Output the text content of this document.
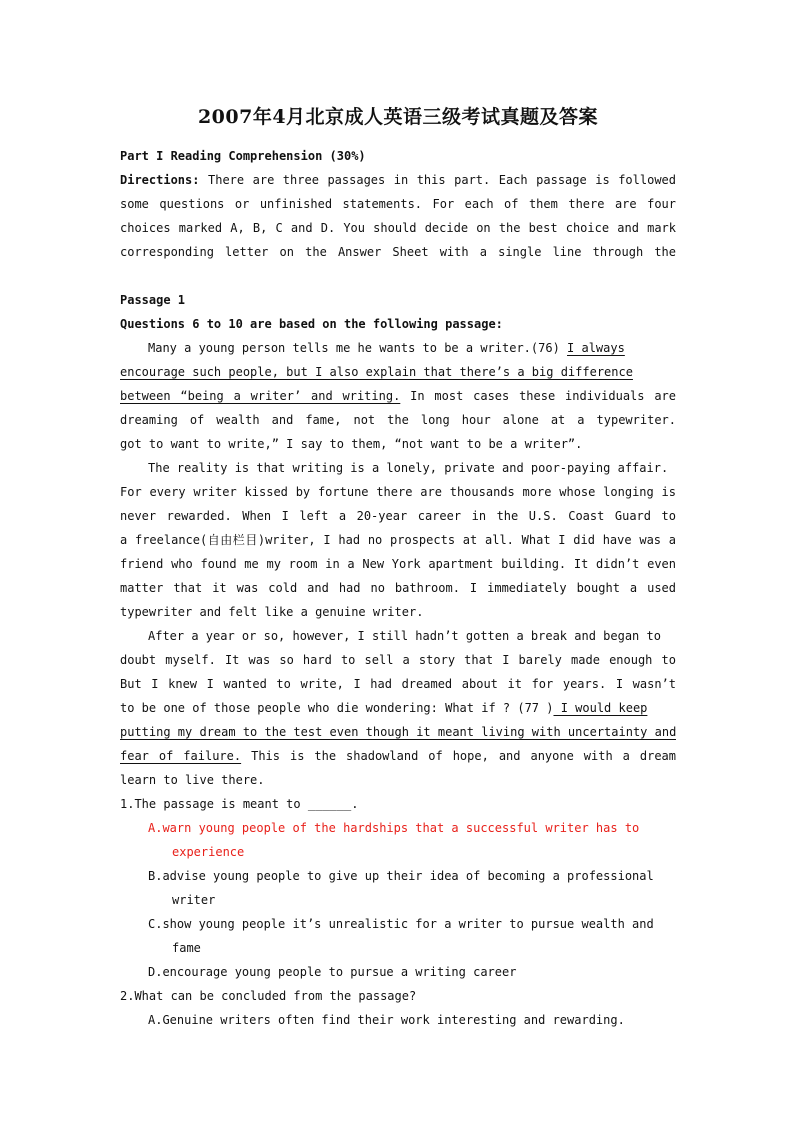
2007年4月北京成人英语三级考试真题及答案
Part I Reading Comprehension (30%)
Directions: There are three passages in this part. Each passage is followed
some questions or unfinished statements. For each of them there are four
choices marked A, B, C and D. You should decide on the best choice and mark
corresponding letter on the Answer Sheet with a single line through the
Passage 1
Questions 6 to 10 are based on the following passage:
Many a young person tells me he wants to be a writer.(76) I always
encourage such people, but I also explain that there’s a big difference
between “being a writer’ and writing. In most cases these individuals are
dreaming of wealth and fame, not the long hour alone at a typewriter.
got to want to write,” I say to them, “not want to be a writer”.
The reality is that writing is a lonely, private and poor-paying affair.
For every writer kissed by fortune there are thousands more whose longing is
never rewarded. When I left a 20-year career in the U.S. Coast Guard to
a freelance(自由栏目)writer, I had no prospects at all. What I did have was a
friend who found me my room in a New York apartment building. It didn’t even
matter that it was cold and had no bathroom. I immediately bought a used
typewriter and felt like a genuine writer.
After a year or so, however, I still hadn’t gotten a break and began to
doubt myself. It was so hard to sell a story that I barely made enough to
But I knew I wanted to write, I had dreamed about it for years. I wasn’t
to be one of those people who die wondering: What if ? (77 ) I would keep
putting my dream to the test even though it meant living with uncertainty and
fear of failure. This is the shadowland of hope, and anyone with a dream
learn to live there.
1.The passage is meant to ______.
A.warn young people of the hardships that a successful writer has to
experience
B.advise young people to give up their idea of becoming a professional
writer
C.show young people it’s unrealistic for a writer to pursue wealth and
fame
D.encourage young people to pursue a writing career
2.What can be concluded from the passage?
A.Genuine writers often find their work interesting and rewarding.
